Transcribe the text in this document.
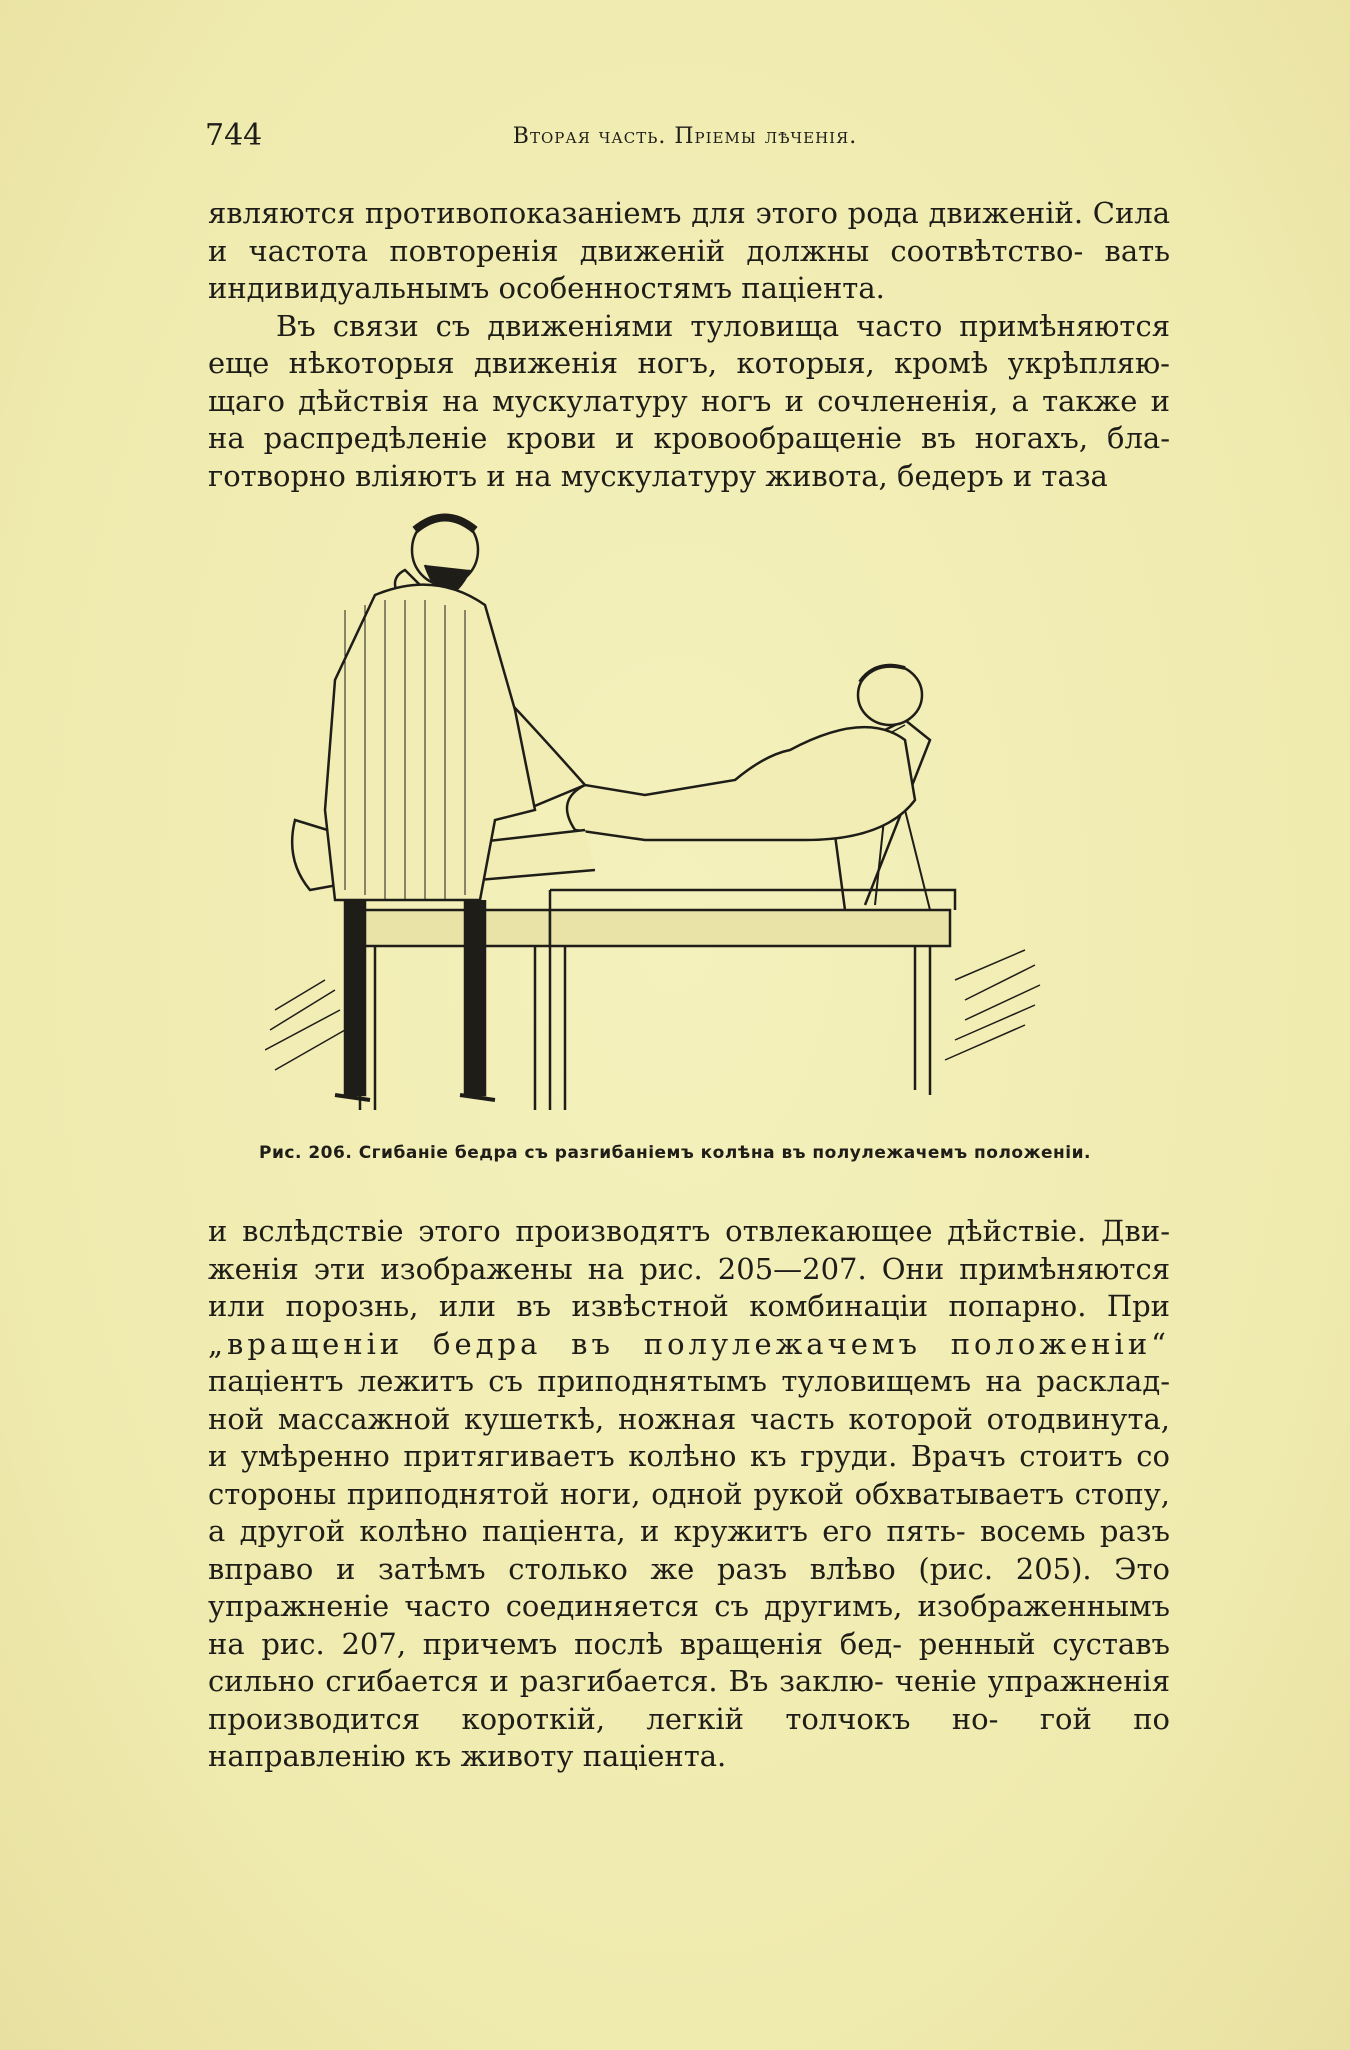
744	Вторая часть. Пріемы лѣченія.

являются противопоказаніемъ для этого рода движеній. Сила и частота повторенія движеній должны соотвѣтство- вать индивидуальнымъ особенностямъ паціента.

Въ связи съ движеніями туловища часто примѣняются еще нѣкоторыя движенія ногъ, которыя, кромѣ укрѣпляю- щаго дѣйствія на мускулатуру ногъ и сочлененія, а также и на распредѣленіе крови и кровообращеніе въ ногахъ, бла- готворно вліяютъ и на мускулатуру живота, бедеръ и таза

Рис. 206. Сгибаніе бедра съ разгибаніемъ колѣна въ полулежачемъ положеніи.

и вслѣдствіе этого производятъ отвлекающее дѣйствіе. Дви- женія эти изображены на рис. 205—207. Они примѣняются или порознь, или въ извѣстной комбинаціи попарно. При „вращеніи бедра въ полулежачемъ положеніи“ паціентъ лежитъ съ приподнятымъ туловищемъ на расклад- ной массажной кушеткѣ, ножная часть которой отодвинута, и умѣренно притягиваетъ колѣно къ груди. Врачъ стоитъ со стороны приподнятой ноги, одной рукой обхватываетъ стопу, а другой колѣно паціента, и кружитъ его пять- восемь разъ вправо и затѣмъ столько же разъ влѣво (рис. 205). Это упражненіе часто соединяется съ другимъ, изображеннымъ на рис. 207, причемъ послѣ вращенія бед- ренный суставъ сильно сгибается и разгибается. Въ заклю- ченіе упражненія производится короткій, легкій толчокъ но- гой по направленію къ животу паціента.
